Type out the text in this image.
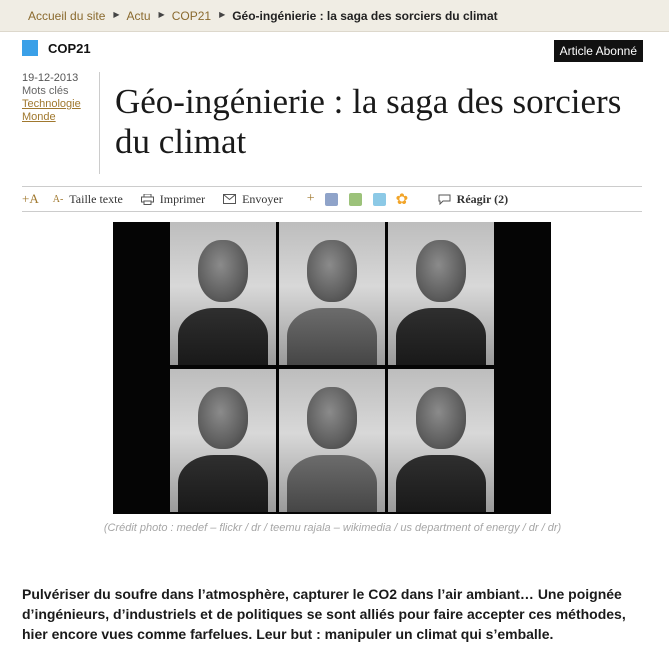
Accueil du site ▶ Actu ▶ COP21 ▶ Géo-ingénierie : la saga des sorciers du climat
COP21	Article Abonné
19-12-2013
Mots clés
Technologie
Monde	Géo-ingénierie : la saga des sorciers du climat
+A A- Taille texte	Imprimer	Envoyer +
✿	Réagir (2)
(Crédit photo : medef – flickr / dr / teemu rajala – wikimedia / us department of energy / dr / dr)

Pulvériser du soufre dans l’atmosphère, capturer le CO2 dans l’air ambiant… Une poignée d’ingénieurs, d’industriels et de politiques se sont alliés pour faire accepter ces méthodes, hier encore vues comme farfelues. Leur but : manipuler un climat qui s’emballe.
